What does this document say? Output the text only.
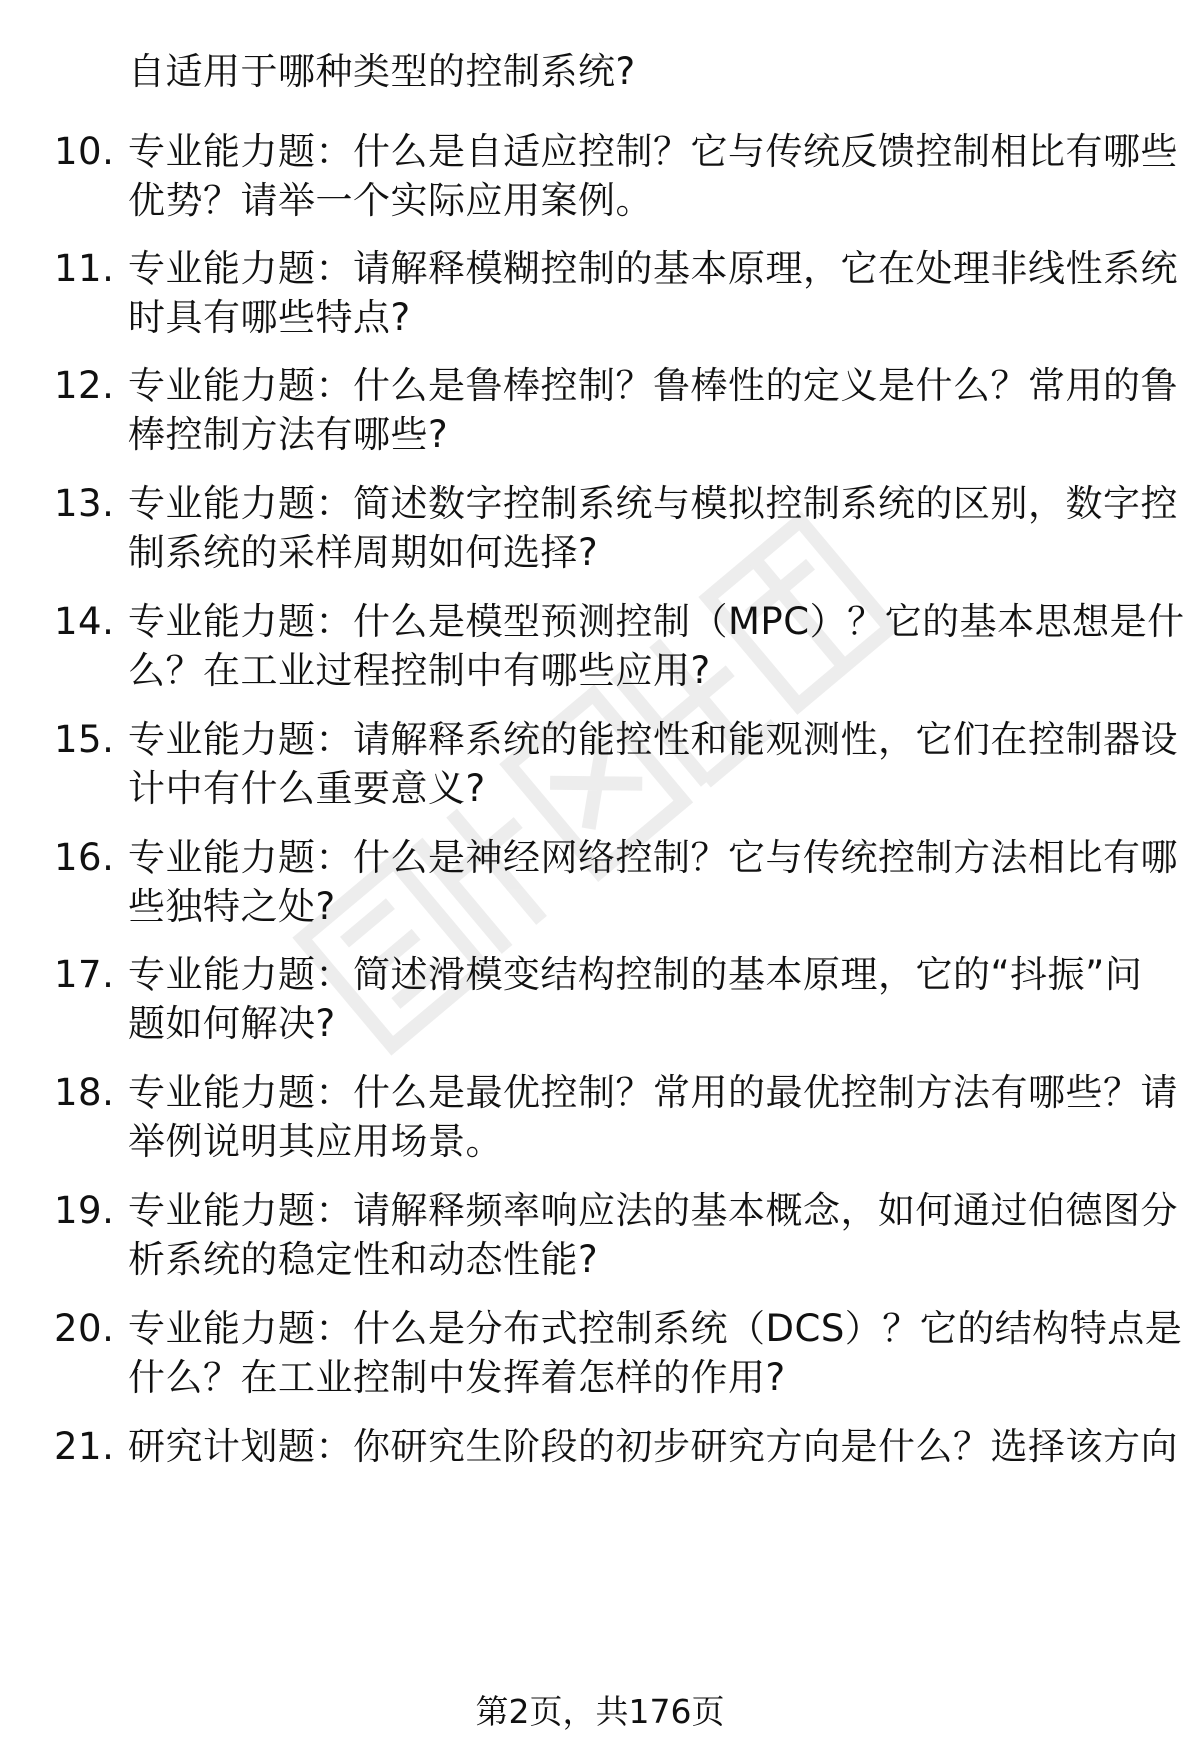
自适用于哪种类型的控制系统?
10. 专业能力题：什么是自适应控制？它与传统反馈控制相比有哪些
优势？请举一个实际应用案例。
11. 专业能力题：请解释模糊控制的基本原理，它在处理非线性系统
时具有哪些特点?
12. 专业能力题：什么是鲁棒控制？鲁棒性的定义是什么？常用的鲁
棒控制方法有哪些?
13. 专业能力题：简述数字控制系统与模拟控制系统的区别，数字控
制系统的采样周期如何选择?
14. 专业能力题：什么是模型预测控制（MPC）？它的基本思想是什
么？在工业过程控制中有哪些应用?
15. 专业能力题：请解释系统的能控性和能观测性，它们在控制器设
计中有什么重要意义?
16. 专业能力题：什么是神经网络控制？它与传统控制方法相比有哪
些独特之处?
17. 专业能力题：简述滑模变结构控制的基本原理，它的“抖振”问
题如何解决?
18. 专业能力题：什么是最优控制？常用的最优控制方法有哪些？请
举例说明其应用场景。
19. 专业能力题：请解释频率响应法的基本概念，如何通过伯德图分
析系统的稳定性和动态性能?
20. 专业能力题：什么是分布式控制系统（DCS）？它的结构特点是
什么？在工业控制中发挥着怎样的作用?
21. 研究计划题：你研究生阶段的初步研究方向是什么？选择该方向
第2页，共176页
